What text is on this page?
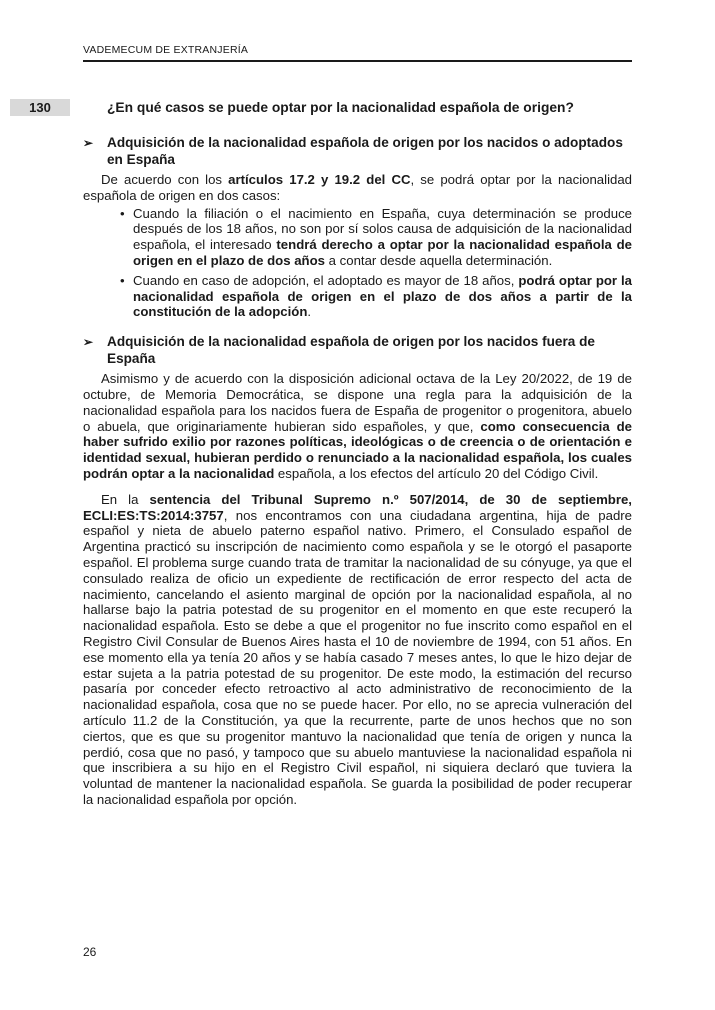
VADEMECUM DE EXTRANJERÍA
130	¿En qué casos se puede optar por la nacionalidad española de origen?
➢ Adquisición de la nacionalidad española de origen por los nacidos o adoptados en España

De acuerdo con los artículos 17.2 y 19.2 del CC, se podrá optar por la nacionalidad española de origen en dos casos:

• Cuando la filiación o el nacimiento en España, cuya determinación se produce después de los 18 años, no son por sí solos causa de adquisición de la nacionalidad española, el interesado tendrá derecho a optar por la nacionalidad española de origen en el plazo de dos años a contar desde aquella determinación.
• Cuando en caso de adopción, el adoptado es mayor de 18 años, podrá optar por la nacionalidad española de origen en el plazo de dos años a partir de la constitución de la adopción.
➢ Adquisición de la nacionalidad española de origen por los nacidos fuera de España

Asimismo y de acuerdo con la disposición adicional octava de la Ley 20/2022, de 19 de octubre, de Memoria Democrática, se dispone una regla para la adquisición de la nacionalidad española para los nacidos fuera de España de progenitor o progenitora, abuelo o abuela, que originariamente hubieran sido españoles, y que, como consecuencia de haber sufrido exilio por razones políticas, ideológicas o de creencia o de orientación e identidad sexual, hubieran perdido o renunciado a la nacionalidad española, los cuales podrán optar a la nacionalidad española, a los efectos del artículo 20 del Código Civil.

En la sentencia del Tribunal Supremo n.º 507/2014, de 30 de septiembre, ECLI:ES:TS:2014:3757, nos encontramos con una ciudadana argentina, hija de padre español y nieta de abuelo paterno español nativo. Primero, el Consulado español de Argentina practicó su inscripción de nacimiento como española y se le otorgó el pasaporte español. El problema surge cuando trata de tramitar la nacionalidad de su cónyuge, ya que el consulado realiza de oficio un expediente de rectificación de error respecto del acta de nacimiento, cancelando el asiento marginal de opción por la nacionalidad española, al no hallarse bajo la patria potestad de su progenitor en el momento en que este recuperó la nacionalidad española. Esto se debe a que el progenitor no fue inscrito como español en el Registro Civil Consular de Buenos Aires hasta el 10 de noviembre de 1994, con 51 años. En ese momento ella ya tenía 20 años y se había casado 7 meses antes, lo que le hizo dejar de estar sujeta a la patria potestad de su progenitor. De este modo, la estimación del recurso pasaría por conceder efecto retroactivo al acto administrativo de reconocimiento de la nacionalidad española, cosa que no se puede hacer. Por ello, no se aprecia vulneración del artículo 11.2 de la Constitución, ya que la recurrente, parte de unos hechos que no son ciertos, que es que su progenitor mantuvo la nacionalidad que tenía de origen y nunca la perdió, cosa que no pasó, y tampoco que su abuelo mantuviese la nacionalidad española ni que inscribiera a su hijo en el Registro Civil español, ni siquiera declaró que tuviera la voluntad de mantener la nacionalidad española. Se guarda la posibilidad de poder recuperar la nacionalidad española por opción.

26
